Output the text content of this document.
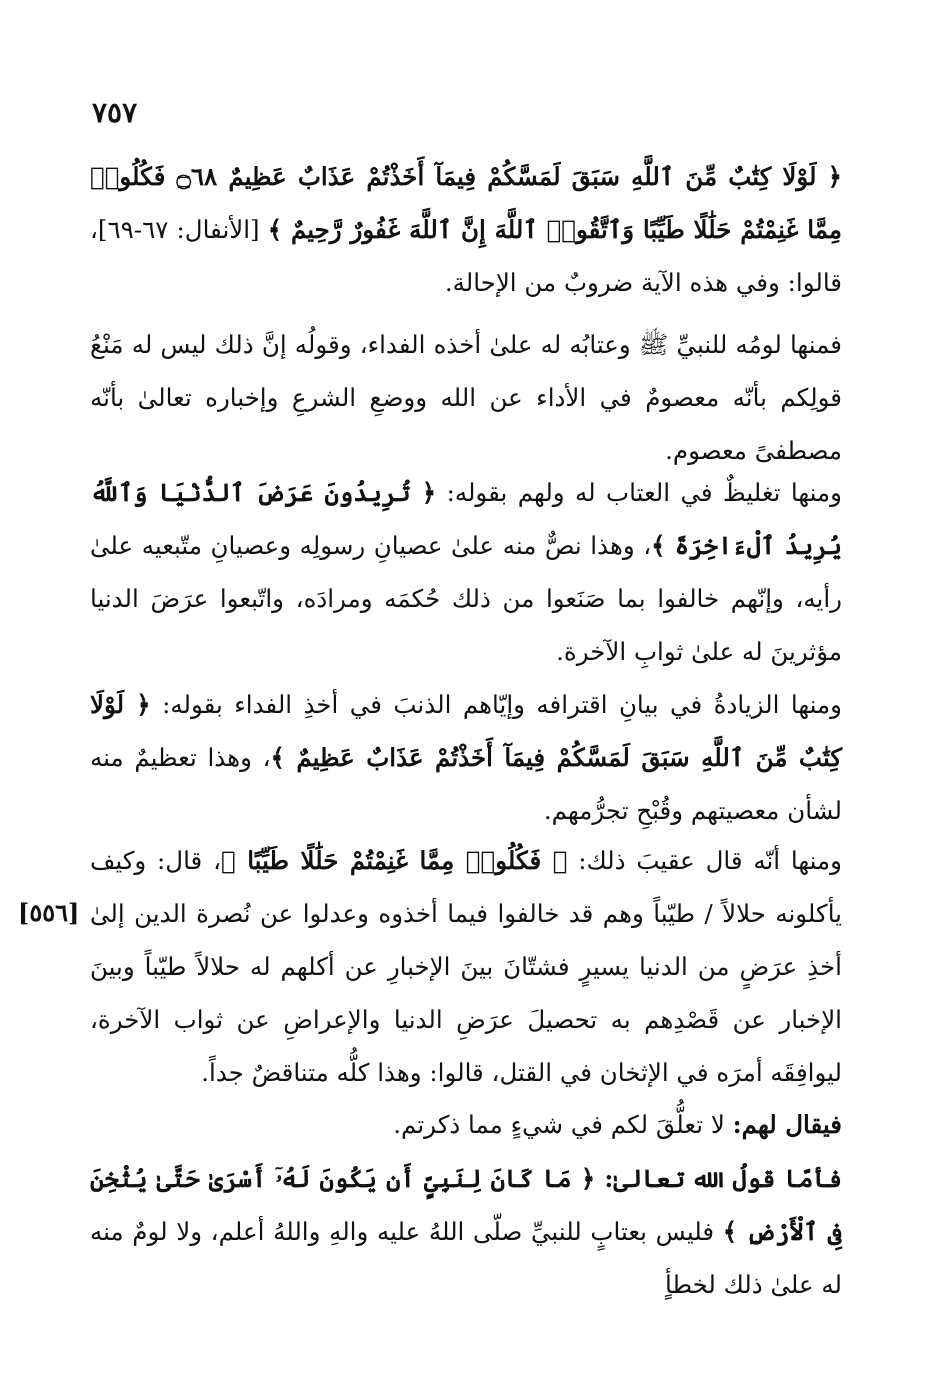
٧٥٧
[٥٥٦]
﴿ لَوْلَا كِتَٰبٌ مِّنَ ٱللَّهِ سَبَقَ لَمَسَّكُمْ فِيمَآ أَخَذْتُمْ عَذَابٌ عَظِيمٌ ۝٦٨ فَكُلُوا۟ مِمَّا غَنِمْتُمْ حَلَٰلًا طَيِّبًا وَٱتَّقُوا۟ ٱللَّهَ إِنَّ ٱللَّهَ غَفُورٌ رَّحِيمٌ ﴾ [الأنفال: ٦٧-٦٩]، قالوا: وفي هذه الآية ضروبٌ من الإحالة.
فمنها لومُه للنبيِّ ﷺ وعتابُه له علىٰ أخذه الفداء، وقولُه إنَّ ذلك ليس له مَنْعُ قولِكم بأنّه معصومٌ في الأداء عن الله ووضعِ الشرعِ وإخباره تعالىٰ بأنّه مصطفىً معصوم.
ومنها تغليظٌ في العتاب له ولهم بقوله: ﴿ تُرِيدُونَ عَرَضَ ٱلدُّنْيَا وَٱللَّهُ يُرِيدُ ٱلْءَاخِرَةَ ﴾، وهذا نصٌّ منه علىٰ عصيانِ رسولِه وعصيانِ متّبعيه علىٰ رأيه، وإنّهم خالفوا بما صَنَعوا من ذلك حُكمَه ومرادَه، واتّبعوا عرَضَ الدنيا مؤثرينَ له علىٰ ثوابِ الآخرة.
ومنها الزيادةُ في بيانِ اقترافه وإيّاهم الذنبَ في أخذِ الفداء بقوله: ﴿ لَوْلَا كِتَٰبٌ مِّنَ ٱللَّهِ سَبَقَ لَمَسَّكُمْ فِيمَآ أَخَذْتُمْ عَذَابٌ عَظِيمٌ ﴾، وهذا تعظيمٌ منه لشأن معصيتهم وقُبْحِ تجرُّمهم.
ومنها أنّه قال عقيبَ ذلك: ﴿ فَكُلُوا۟ مِمَّا غَنِمْتُمْ حَلَٰلًا طَيِّبًا ﴾، قال: وكيف يأكلونه حلالاً / طيّباً وهم قد خالفوا فيما أخذوه وعدلوا عن نُصرة الدين إلىٰ أخذِ عرَضٍ من الدنيا يسيرٍ فشتّانَ بينَ الإخبارِ عن أكلهم له حلالاً طيّباً وبينَ الإخبار عن قَصْدِهم به تحصيلَ عرَضِ الدنيا والإعراضِ عن ثواب الآخرة، ليوافِقَه أمرَه في الإثخان في القتل، قالوا: وهذا كلُّه متناقضٌ جداً.
فيقال لهم: لا تعلُّقَ لكم في شيءٍ مما ذكرتم.
فأمّا قولُ الله تعالىٰ: ﴿ مَا كَانَ لِنَبِىٍّ أَن يَكُونَ لَهُۥٓ أَسْرَىٰ حَتَّىٰ يُثْخِنَ فِى ٱلْأَرْضِ ﴾ فليس بعتابٍ للنبيِّ صلّى اللهُ عليه والهِ واللهُ أعلم، ولا لومٌ منه له علىٰ ذلك لخطأٍ
